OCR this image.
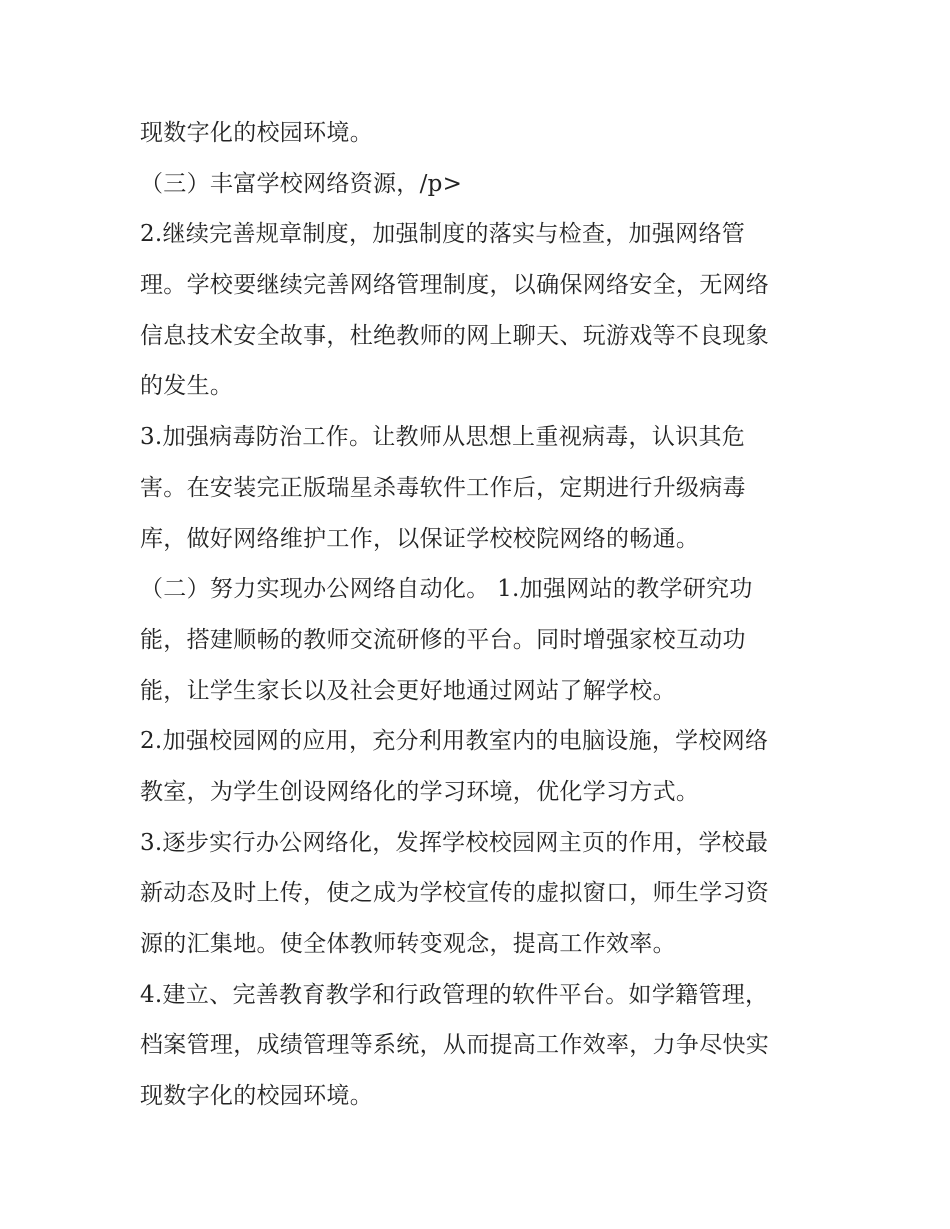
现数字化的校园环境。
（三）丰富学校网络资源，/p>
2.继续完善规章制度，加强制度的落实与检查，加强网络管
理。学校要继续完善网络管理制度，以确保网络安全，无网络
信息技术安全故事，杜绝教师的网上聊天、玩游戏等不良现象
的发生。
3.加强病毒防治工作。让教师从思想上重视病毒，认识其危
害。在安装完正版瑞星杀毒软件工作后，定期进行升级病毒
库，做好网络维护工作，以保证学校校院网络的畅通。
（二）努力实现办公网络自动化。 1.加强网站的教学研究功
能，搭建顺畅的教师交流研修的平台。同时增强家校互动功
能，让学生家长以及社会更好地通过网站了解学校。
2.加强校园网的应用，充分利用教室内的电脑设施，学校网络
教室，为学生创设网络化的学习环境，优化学习方式。
3.逐步实行办公网络化，发挥学校校园网主页的作用，学校最
新动态及时上传，使之成为学校宣传的虚拟窗口，师生学习资
源的汇集地。使全体教师转变观念，提高工作效率。
4.建立、完善教育教学和行政管理的软件平台。如学籍管理，
档案管理，成绩管理等系统，从而提高工作效率，力争尽快实
现数字化的校园环境。
